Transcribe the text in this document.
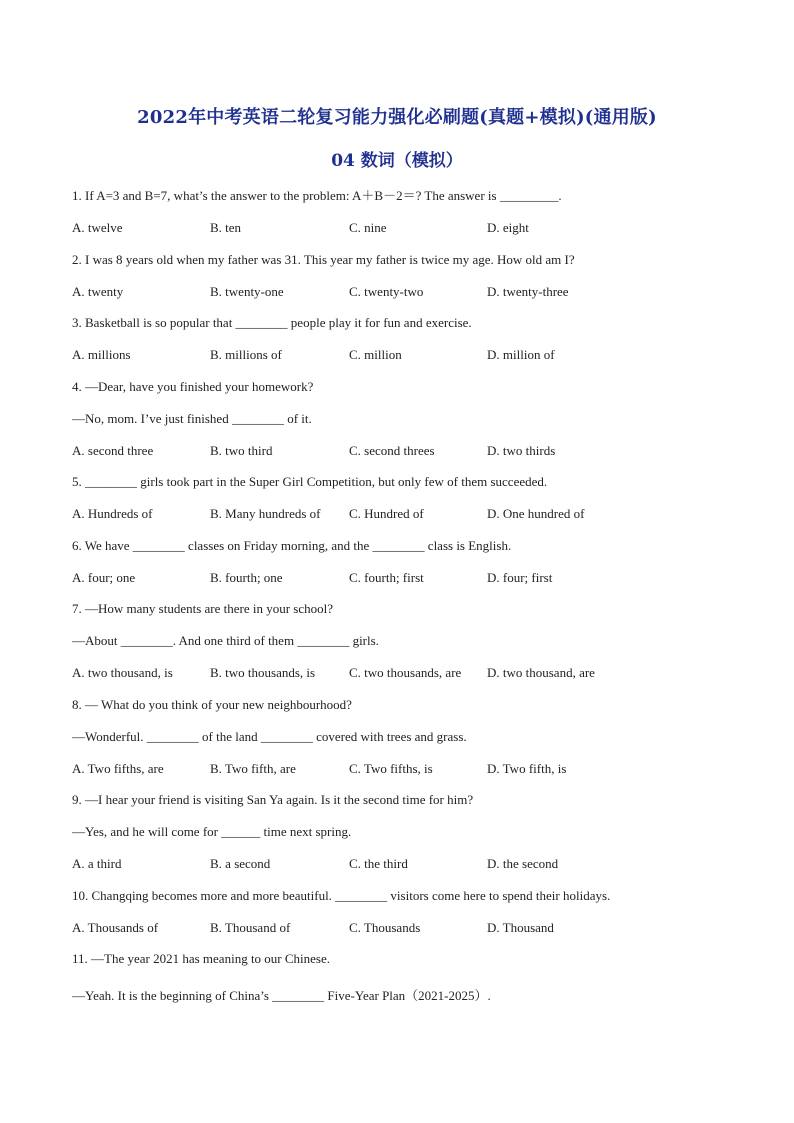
2022年中考英语二轮复习能力强化必刷题(真题+模拟)(通用版)
04 数词（模拟）
1. If A=3 and B=7, what’s the answer to the problem: A＋B－2＝? The answer is _________.
A. twelve	B. ten	C. nine	D. eight
2. I was 8 years old when my father was 31. This year my father is twice my age. How old am I?
A. twenty	B. twenty-one	C. twenty-two	D. twenty-three
3. Basketball is so popular that ________ people play it for fun and exercise.
A. millions	B. millions of	C. million	D. million of
4. —Dear, have you finished your homework?
—No, mom. I’ve just finished ________ of it.
A. second three	B. two third	C. second threes	D. two thirds
5. ________ girls took part in the Super Girl Competition, but only few of them succeeded.
A. Hundreds of	B. Many hundreds of C. Hundred of	D. One hundred of
6. We have ________ classes on Friday morning, and the ________ class is English.
A. four; one	B. fourth; one	C. fourth; first	D. four; first
7. —How many students are there in your school?
—About ________. And one third of them ________ girls.
A. two thousand, is	B. two thousands, is	C. two thousands, are D. two thousand, are
8. — What do you think of your new neighbourhood?
—Wonderful. ________ of the land ________ covered with trees and grass.
A. Two fifths, are	B. Two fifth, are	C. Two fifths, is	D. Two fifth, is
9. —I hear your friend is visiting San Ya again. Is it the second time for him?
—Yes, and he will come for ______ time next spring.
A. a third	B. a second	C. the third	D. the second
10. Changqing becomes more and more beautiful. ________ visitors come here to spend their holidays.
A. Thousands of	B. Thousand of	C. Thousands	D. Thousand
11. —The year 2021 has meaning to our Chinese.
—Yeah. It is the beginning of China’s ________ Five-Year Plan（2021-2025）.
